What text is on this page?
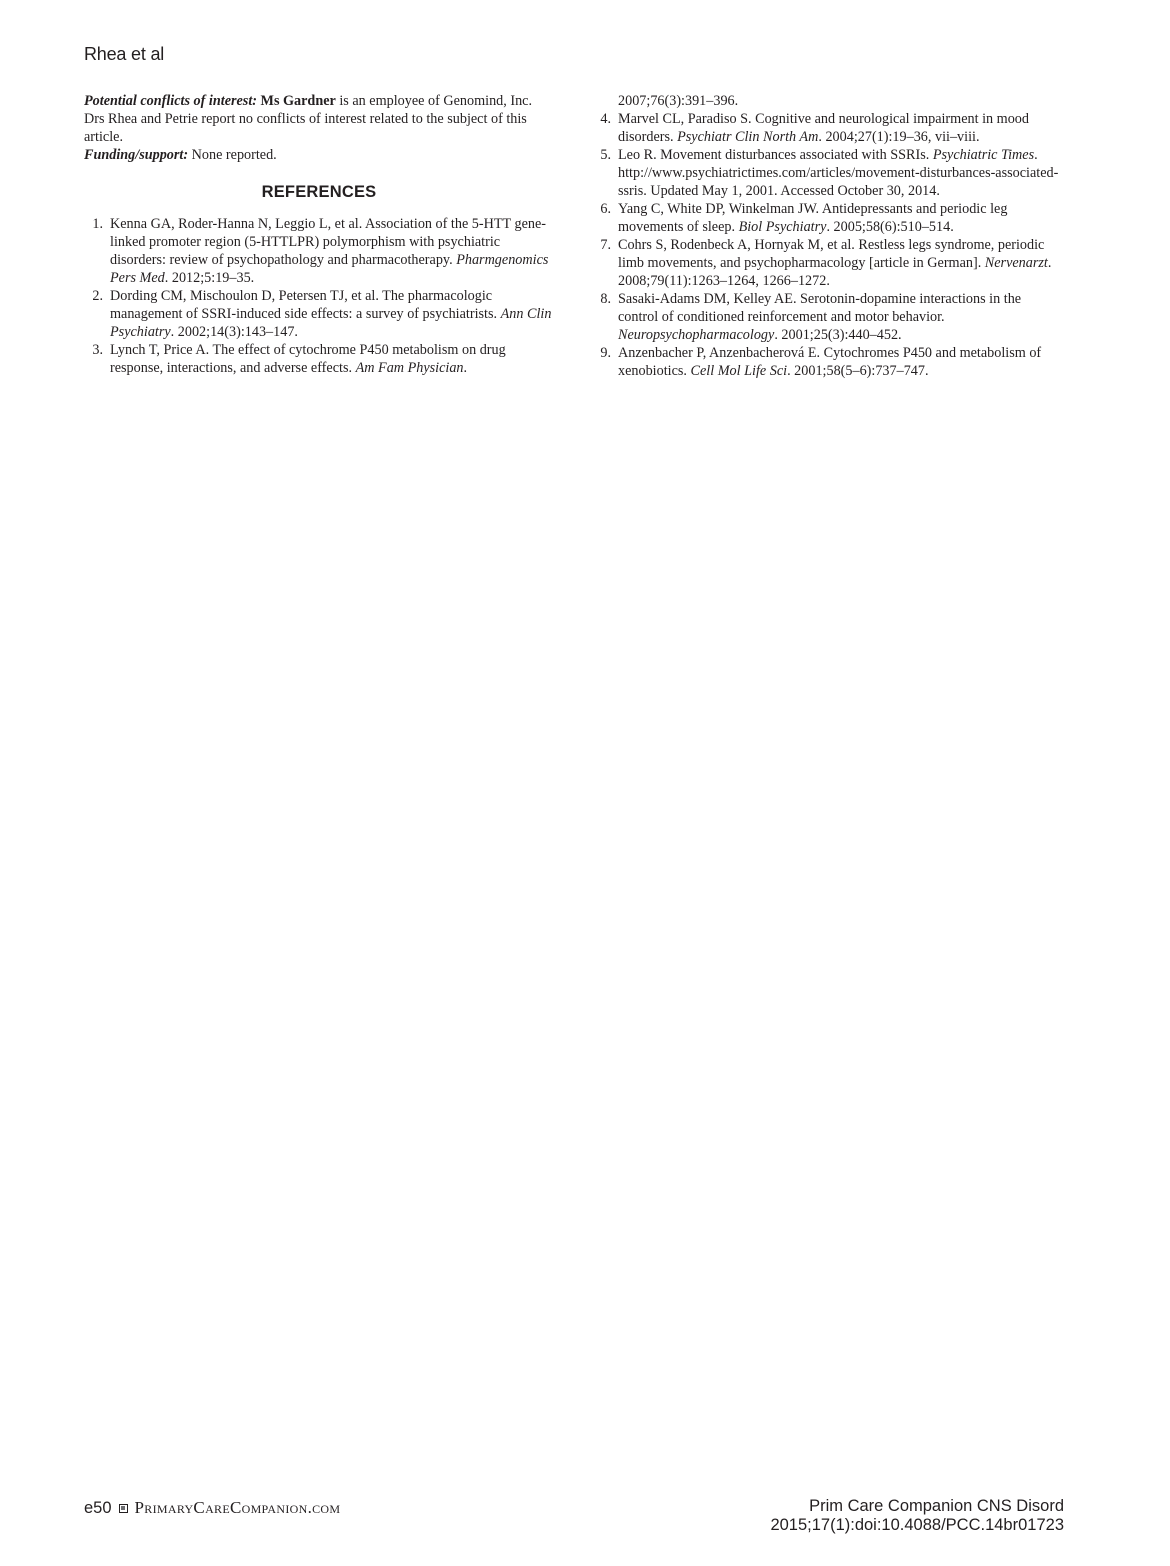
Rhea et al

Potential conflicts of interest: Ms Gardner is an employee of Genomind, Inc. Drs Rhea and Petrie report no conflicts of interest related to the subject of this article.

Funding/support: None reported.

REFERENCES
1. Kenna GA, Roder-Hanna N, Leggio L, et al. Association of the 5-HTT gene-linked promoter region (5-HTTLPR) polymorphism with psychiatric disorders: review of psychopathology and pharmacotherapy. Pharmgenomics Pers Med. 2012;5:19–35.
2. Dording CM, Mischoulon D, Petersen TJ, et al. The pharmacologic management of SSRI-induced side effects: a survey of psychiatrists. Ann Clin Psychiatry. 2002;14(3):143–147.
3. Lynch T, Price A. The effect of cytochrome P450 metabolism on drug response, interactions, and adverse effects. Am Fam Physician.
2007;76(3):391–396.
4. Marvel CL, Paradiso S. Cognitive and neurological impairment in mood disorders. Psychiatr Clin North Am. 2004;27(1):19–36, vii–viii.
5. Leo R. Movement disturbances associated with SSRIs. Psychiatric Times. http://www.psychiatrictimes.com/articles/movement-disturbances-associated-ssris. Updated May 1, 2001. Accessed October 30, 2014.
6. Yang C, White DP, Winkelman JW. Antidepressants and periodic leg movements of sleep. Biol Psychiatry. 2005;58(6):510–514.
7. Cohrs S, Rodenbeck A, Hornyak M, et al. Restless legs syndrome, periodic limb movements, and psychopharmacology [article in German]. Nervenarzt. 2008;79(11):1263–1264, 1266–1272.
8. Sasaki-Adams DM, Kelley AE. Serotonin-dopamine interactions in the control of conditioned reinforcement and motor behavior. Neuropsychopharmacology. 2001;25(3):440–452.
9. Anzenbacher P, Anzenbacherová E. Cytochromes P450 and metabolism of xenobiotics. Cell Mol Life Sci. 2001;58(5–6):737–747.
e50 PrimaryCareCompanion.com	Prim Care Companion CNS Disord
2015;17(1):doi:10.4088/PCC.14br01723
